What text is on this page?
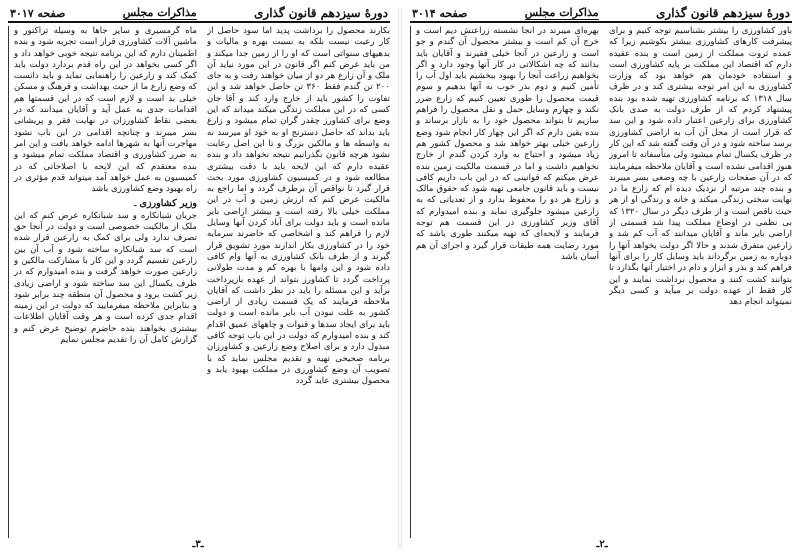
دورهٔ سیزدهم قانون گذاری
مذاکرات مجلس
صفحه ۳۰۱۷

بکارند محصول را برداشت پدید اما سود حاصل از کار رعیت نیست بلکه به نسبت بهره و مالیات و بدهیهای سنواتی است که او را از زمین جدا میکند و من باید عرض کنم اگر قانون در این مورد نیاید آن ملک و آن زارع هر دو از میان خواهند رفت و به جای ۲۰۰ تن گندم فقط ۳۶۰ تن حاصل خواهد شد و این تفاوت را کشور باید از خارج وارد کند و آقا جان کسی که در این مملکت زندگی میکند میداند که این وضع برای کشاورز چقدر گران تمام میشود و زارع باید بداند که حاصل دسترنج او به خود او میرسد نه به واسطه ها و مالکین بزرگ و تا این اصل رعایت نشود هرچه قانون بگذرانیم نتیجه نخواهد داد و بنده عقیده دارم که این لایحه باید با دقت بیشتری مطالعه شود و در کمیسیون کشاورزی مورد بحث قرار گیرد تا نواقص آن برطرف گردد و اما راجع به مالکیت عرض کنم که ارزش زمین و آب در این مملکت خیلی بالا رفته است و بیشتر اراضی بایر مانده است و باید دولت برای آباد کردن آنها وسایل لازم را فراهم کند و اشخاصی که حاضرند سرمایه خود را در کشاورزی بکار اندازند مورد تشویق قرار گیرند و از طرف بانک کشاورزی به آنها وام کافی داده شود و این وامها با بهره کم و مدت طولانی پرداخت گردد تا کشاورز بتواند از عهده بازپرداخت برآید و این مسئله را باید در نظر داشت که آقایان ملاحظه فرمایند که یک قسمت زیادی از اراضی کشور به علت نبودن آب بایر مانده است و دولت باید برای ایجاد سدها و قنوات و چاههای عمیق اقدام کند و بنده امیدوارم که دولت در این باب توجه کافی مبذول دارد و برای اصلاح وضع زارعین و کشاورزان برنامه صحیحی تهیه و تقدیم مجلس نماید که با تصویب آن وضع کشاورزی در مملکت بهبود یابد و محصول بیشتری عاید گردد

ماه گرمسیری و سایر جاها به وسیله تراکتور و ماشین آلات کشاورزی قرار است تجربه شود و بنده اطمینان دارم که این برنامه نتیجه خوبی خواهد داد و اگر کسی بخواهد در این راه قدم بردارد دولت باید کمک کند و زارعین را راهنمایی نماید و باید دانست که وضع زارع ما از حیث بهداشت و فرهنگ و مسکن خیلی بد است و لازم است که در این قسمتها هم اقدامات جدی به عمل آید و آقایان میدانند که در بعضی نقاط کشاورزان در نهایت فقر و پریشانی بسر میبرند و چنانچه اقدامی در این باب نشود مهاجرت آنها به شهرها ادامه خواهد یافت و این امر به ضرر کشاورزی و اقتصاد مملکت تمام میشود و بنده معتقدم که این لایحه با اصلاحاتی که در کمیسیون به عمل خواهد آمد میتواند قدم مؤثری در راه بهبود وضع کشاورزی باشد

وزیر کشاورزی ـ

جریان شبانکاره و سد شبانکاره عرض کنم که این ملک از مالکیت خصوصی است و دولت در آنجا حق تصرف ندارد ولی برای کمک به زارعین قرار شده است که سد شبانکاره ساخته شود و آب آن بین زارعین تقسیم گردد و این کار با مشارکت مالکین و زارعین صورت خواهد گرفت و بنده امیدوارم که در ظرف یکسال این سد ساخته شود و اراضی زیادی زیر کشت برود و محصول آن منطقه چند برابر شود و بنابراین ملاحظه میفرمایید که دولت در این زمینه اقدام جدی کرده است و هر وقت آقایان اطلاعات بیشتری بخواهند بنده حاضرم توضیح عرض کنم و گزارش کامل آن را تقدیم مجلس نمایم

ـ۳ـ
دورهٔ سیزدهم قانون گذاری
مذاکرات مجلس
صفحه ۳۰۱۴

باور کشاورزی را بیشتر بشناسیم توجه کنیم و برای پیشرفت کارهای کشاورزی بیشتر بکوشیم زیرا که عمده ثروت مملکت از زمین است و بنده عقیده دارم که اقتصاد این مملکت بر پایه کشاورزی است و استفاده خودمان هم خواهد بود که وزارت کشاورزی به این امر توجه بیشتری کند و در ظرف سال ۱۳۱۸ که برنامه کشاورزی تهیه شده بود بنده پیشنهاد کردم که از طرف دولت به صدی بانک کشاورزی برای زارعین اعتبار داده شود و این سد که قرار است از محل آن آب به اراضی کشاورزی برسد ساخته شود و در آن وقت گفته شد که این کار در ظرف یکسال تمام میشود ولی متأسفانه تا امروز هنوز اقدامی نشده است و آقایان ملاحظه میفرمایند که در آن صفحات زارعین با چه وضعی بسر میبرند و بنده چند مرتبه از نزدیک دیده ام که زارع ما در نهایت سختی زندگی میکند و خانه و زندگی او از هر حیث ناقص است و از طرف دیگر در سال ۱۳۲۰ که بی نظمی در اوضاع مملکت پیدا شد قسمتی از اراضی بایر ماند و آقایان میدانند که آب کم شد و زارعین متفرق شدند و حالا اگر دولت بخواهد آنها را دوباره به زمین برگرداند باید وسایل کار را برای آنها فراهم کند و بذر و ابزار و دام در اختیار آنها بگذارد تا بتوانند کشت کنند و محصول برداشت نمایند و این کار فقط از عهده دولت بر میآید و کسی دیگر نمیتواند انجام دهد

بهره‌ای میبرند در آنجا نشسته زراعتش دیم است و خرج آن کم است و بیشتر محصول آن گندم و جو است و زارعین در آنجا خیلی فقیرند و آقایان باید بدانند که چه اشکالاتی در کار آنها وجود دارد و اگر بخواهیم زراعت آنجا را بهبود ببخشیم باید اول آب را تأمین کنیم و دوم بذر خوب به آنها بدهیم و سوم قیمت محصول را طوری تعیین کنیم که زارع ضرر نکند و چهارم وسایل حمل و نقل محصول را فراهم سازیم تا بتواند محصول خود را به بازار برساند و بنده یقین دارم که اگر این چهار کار انجام شود وضع زارعین خیلی بهتر خواهد شد و محصول کشور هم زیاد میشود و احتیاج به وارد کردن گندم از خارج نخواهیم داشت و اما در قسمت مالکیت زمین بنده عرض میکنم که قوانینی که در این باب داریم کافی نیست و باید قانون جامعی تهیه شود که حقوق مالک و زارع هر دو را محفوظ بدارد و از تعدیاتی که به زارعین میشود جلوگیری نماید و بنده امیدوارم که آقای وزیر کشاورزی در این قسمت هم توجه فرمایند و لایحه‌ای که تهیه میکنند طوری باشد که مورد رضایت همه طبقات قرار گیرد و اجرای آن هم آسان باشد

ـ۲ـ
